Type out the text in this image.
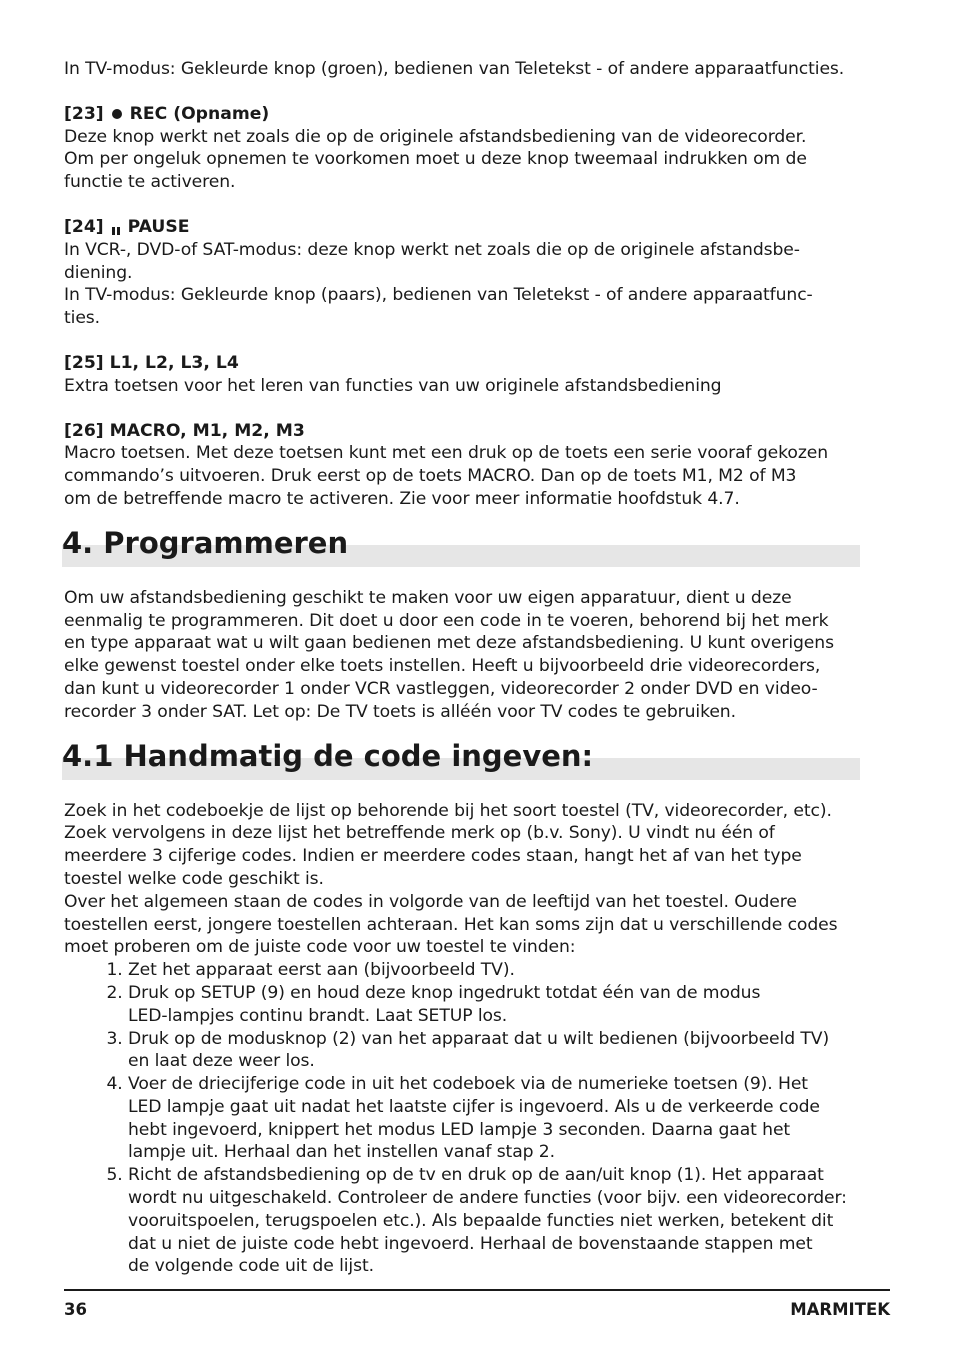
In TV-modus: Gekleurde knop (groen), bedienen van Teletekst - of andere apparaatfuncties.

[23] REC (Opname)

Deze knop werkt net zoals die op de originele afstandsbediening van de videorecorder.

Om per ongeluk opnemen te voorkomen moet u deze knop tweemaal indrukken om de

functie te activeren.

[24] PAUSE

In VCR-, DVD-of SAT-modus: deze knop werkt net zoals die op de originele afstandsbe-

diening.

In TV-modus: Gekleurde knop (paars), bedienen van Teletekst - of andere apparaatfunc-

ties.

[25] L1, L2, L3, L4

Extra toetsen voor het leren van functies van uw originele afstandsbediening

[26] MACRO, M1, M2, M3

Macro toetsen. Met deze toetsen kunt met een druk op de toets een serie vooraf gekozen

commando’s uitvoeren. Druk eerst op de toets MACRO. Dan op de toets M1, M2 of M3

om de betreffende macro te activeren. Zie voor meer informatie hoofdstuk 4.7.

4. Programmeren

Om uw afstandsbediening geschikt te maken voor uw eigen apparatuur, dient u deze

eenmalig te programmeren. Dit doet u door een code in te voeren, behorend bij het merk

en type apparaat wat u wilt gaan bedienen met deze afstandsbediening. U kunt overigens

elke gewenst toestel onder elke toets instellen. Heeft u bijvoorbeeld drie videorecorders,

dan kunt u videorecorder 1 onder VCR vastleggen, videorecorder 2 onder DVD en video-

recorder 3 onder SAT. Let op: De TV toets is alléén voor TV codes te gebruiken.

4.1 Handmatig de code ingeven:

Zoek in het codeboekje de lijst op behorende bij het soort toestel (TV, videorecorder, etc).

Zoek vervolgens in deze lijst het betreffende merk op (b.v. Sony). U vindt nu één of

meerdere 3 cijferige codes. Indien er meerdere codes staan, hangt het af van het type

toestel welke code geschikt is.

Over het algemeen staan de codes in volgorde van de leeftijd van het toestel. Oudere

toestellen eerst, jongere toestellen achteraan. Het kan soms zijn dat u verschillende codes

moet proberen om de juiste code voor uw toestel te vinden:

1. Zet het apparaat eerst aan (bijvoorbeeld TV).
2. Druk op SETUP (9) en houd deze knop ingedrukt totdat één van de modus
LED-lampjes continu brandt. Laat SETUP los.
3. Druk op de modusknop (2) van het apparaat dat u wilt bedienen (bijvoorbeeld TV)
en laat deze weer los.
4. Voer de driecijferige code in uit het codeboek via de numerieke toetsen (9). Het
LED lampje gaat uit nadat het laatste cijfer is ingevoerd. Als u de verkeerde code
hebt ingevoerd, knippert het modus LED lampje 3 seconden. Daarna gaat het
lampje uit. Herhaal dan het instellen vanaf stap 2.
5. Richt de afstandsbediening op de tv en druk op de aan/uit knop (1). Het apparaat
wordt nu uitgeschakeld. Controleer de andere functies (voor bijv. een videorecorder:
vooruitspoelen, terugspoelen etc.). Als bepaalde functies niet werken, betekent dit
dat u niet de juiste code hebt ingevoerd. Herhaal de bovenstaande stappen met
de volgende code uit de lijst.
36	MARMITEK
